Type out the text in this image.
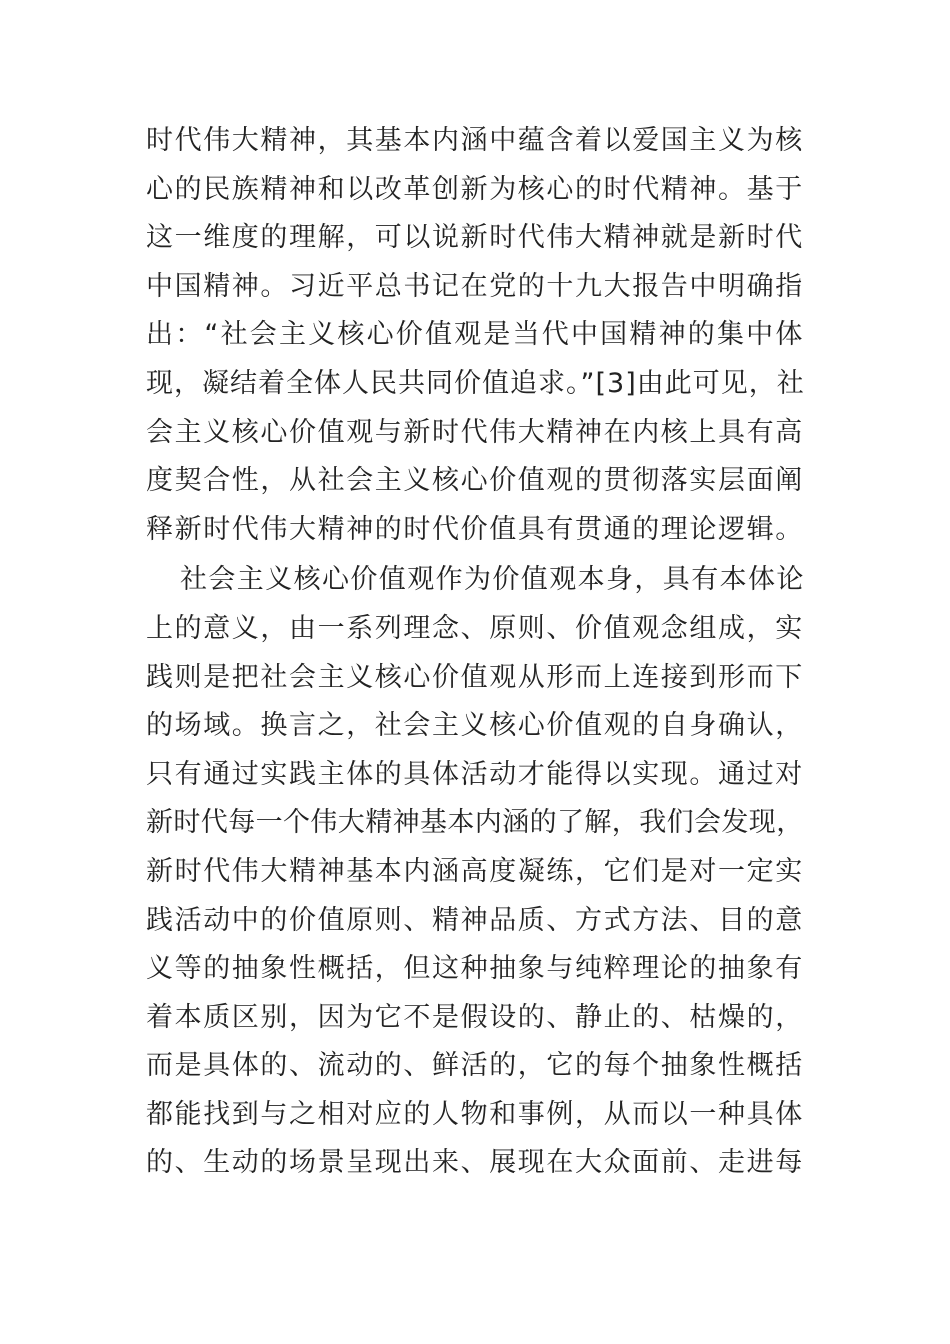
时代伟大精神，其基本内涵中蕴含着以爱国主义为核
心的民族精神和以改革创新为核心的时代精神。基于
这一维度的理解，可以说新时代伟大精神就是新时代
中国精神。习近平总书记在党的十九大报告中明确指
出：“社会主义核心价值观是当代中国精神的集中体
现，凝结着全体人民共同价值追求。”[3]由此可见，社
会主义核心价值观与新时代伟大精神在内核上具有高
度契合性，从社会主义核心价值观的贯彻落实层面阐
释新时代伟大精神的时代价值具有贯通的理论逻辑。
社会主义核心价值观作为价值观本身，具有本体论
上的意义，由一系列理念、原则、价值观念组成，实
践则是把社会主义核心价值观从形而上连接到形而下
的场域。换言之，社会主义核心价值观的自身确认，
只有通过实践主体的具体活动才能得以实现。通过对
新时代每一个伟大精神基本内涵的了解，我们会发现，
新时代伟大精神基本内涵高度凝练，它们是对一定实
践活动中的价值原则、精神品质、方式方法、目的意
义等的抽象性概括，但这种抽象与纯粹理论的抽象有
着本质区别，因为它不是假设的、静止的、枯燥的，
而是具体的、流动的、鲜活的，它的每个抽象性概括
都能找到与之相对应的人物和事例，从而以一种具体
的、生动的场景呈现出来、展现在大众面前、走进每
